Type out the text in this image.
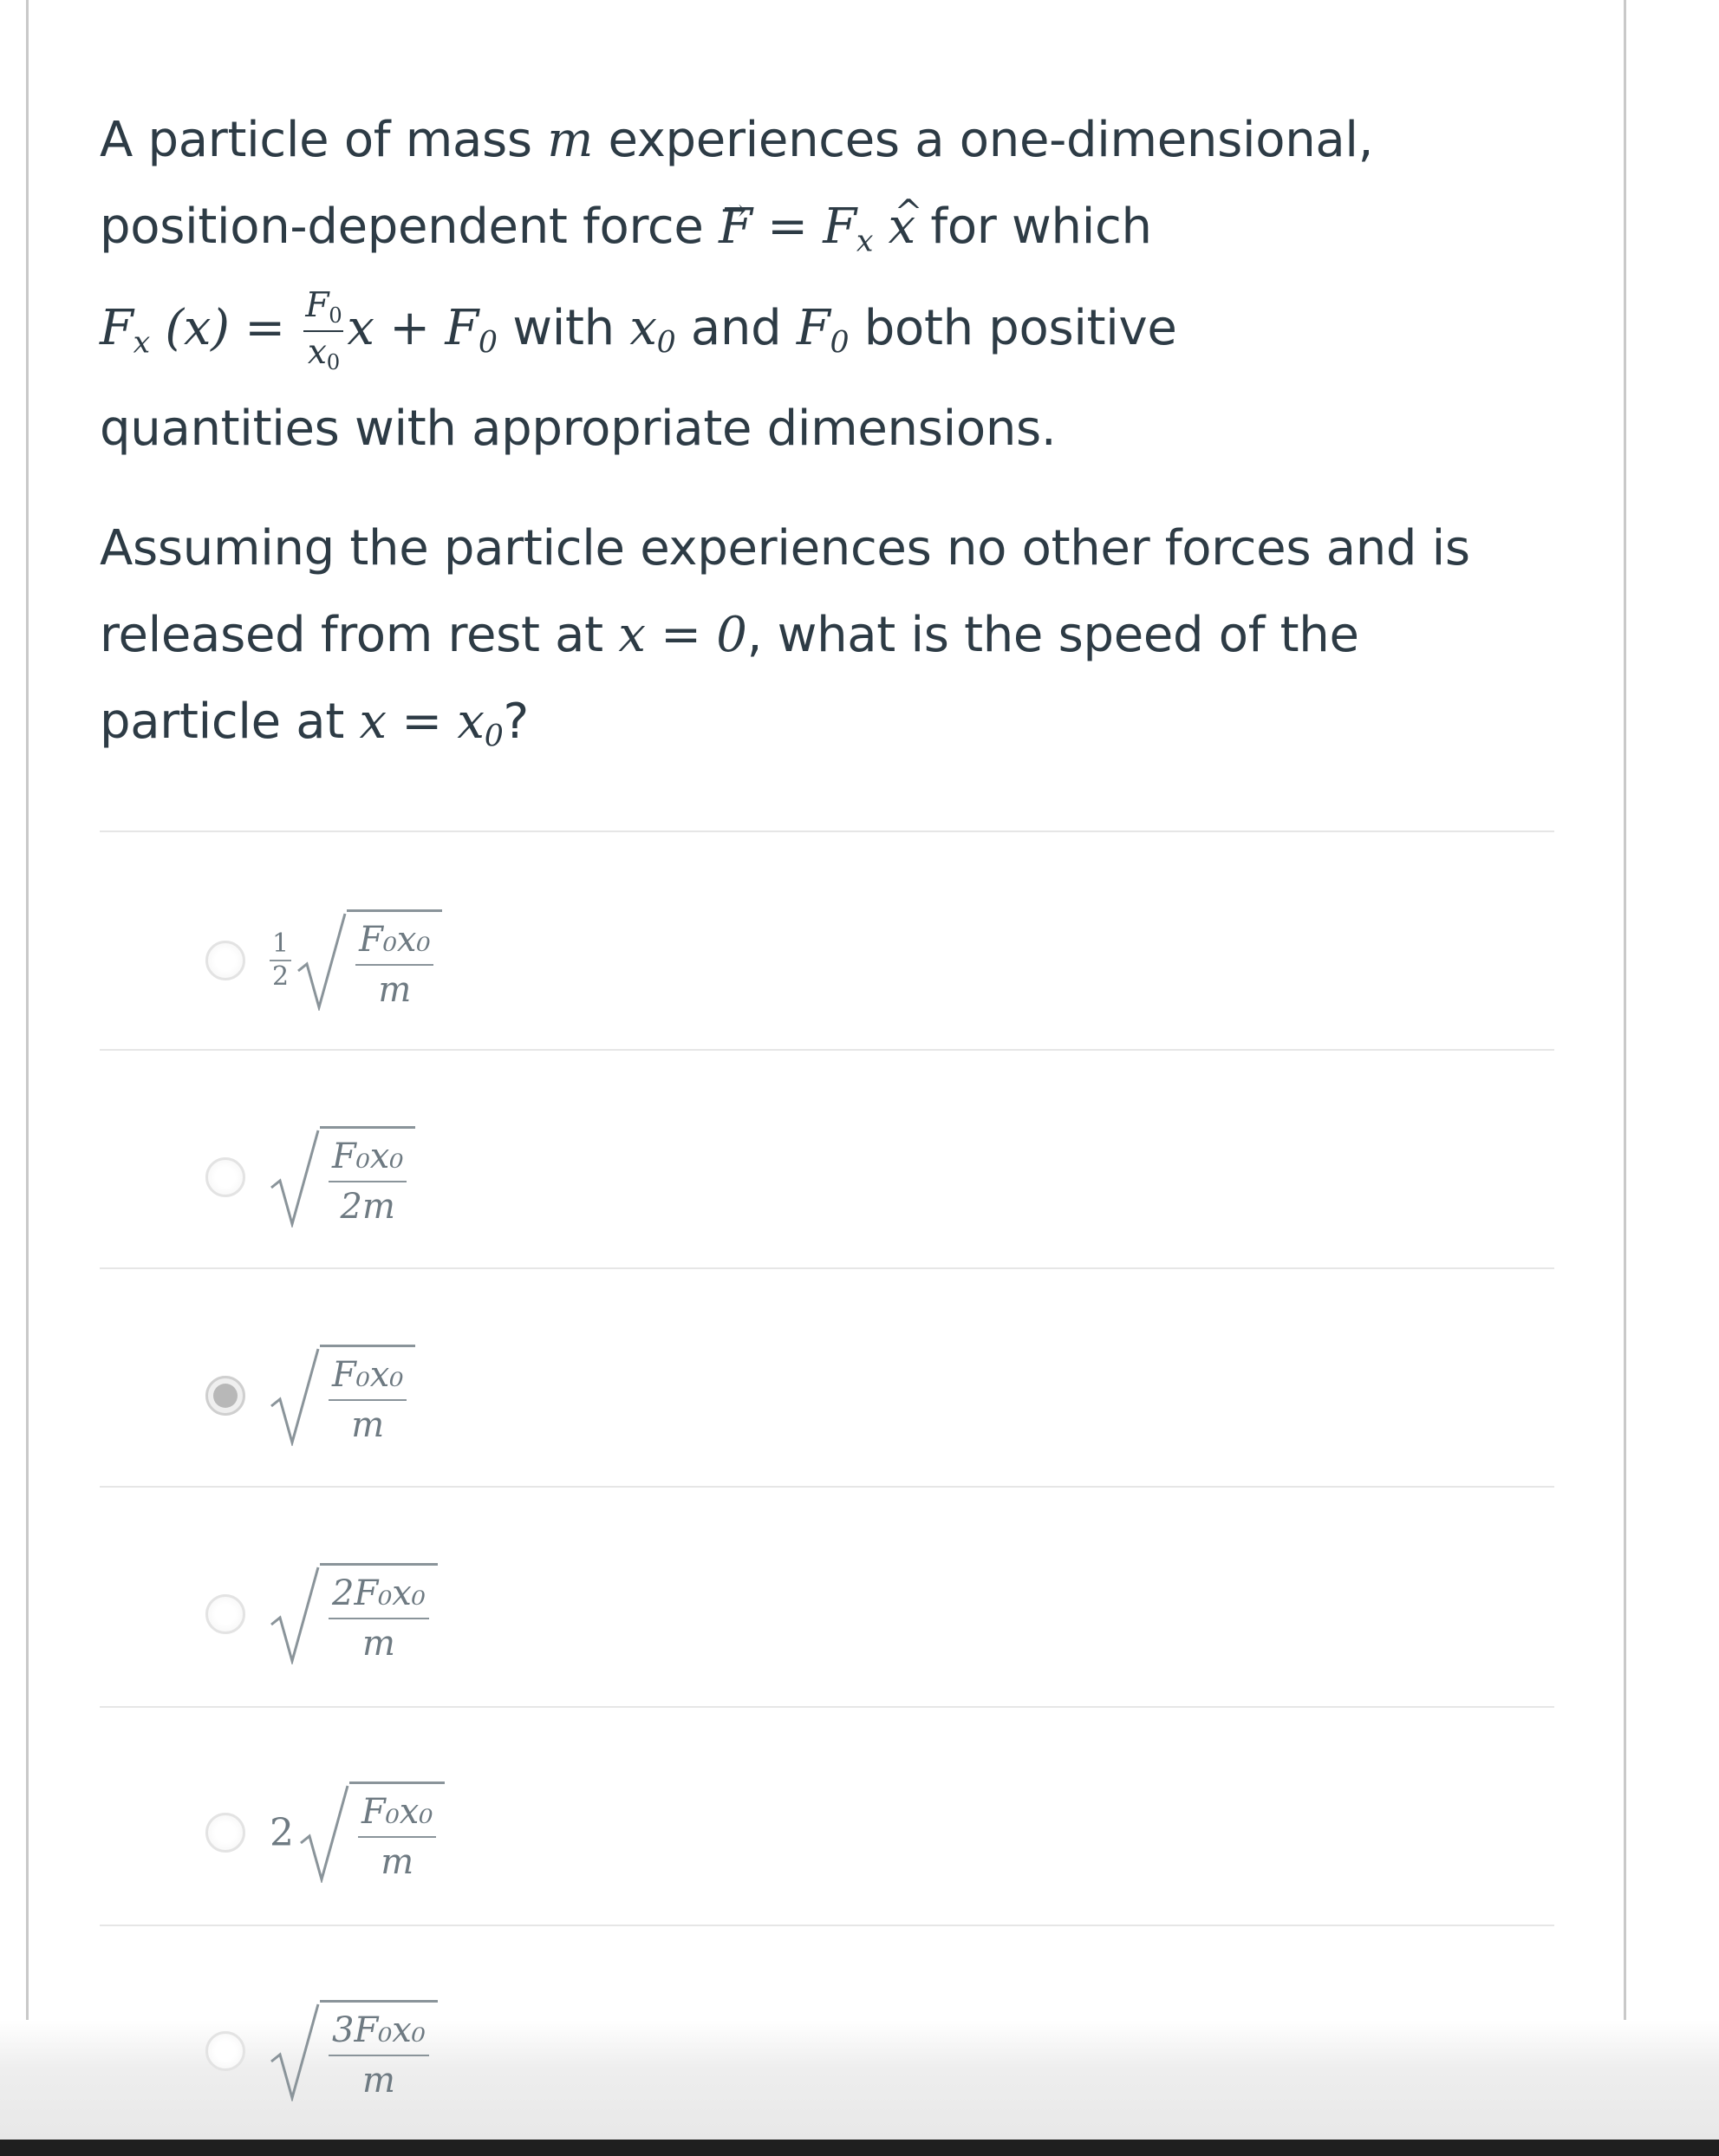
A particle of mass m experiences a one-dimensional,
position-dependent force → $F = F_x$ ^ x for which
$F_x$ $(x) = \frac{F_0}{x_0}$ $x + F_0$ with $x_0$ and $F_0$ both positive
quantities with appropriate dimensions.

Assuming the particle experiences no other forces and is
released from rest at x = 0, what is the speed of the
particle at $x = x_0$?

$\frac{1}{2} \frac{\text{F₀x₀}}{m}$
$\frac{\text{F₀x₀}}{2m}$
$\frac{\text{F₀x₀}}{m}$
$\frac{\text{2F₀x₀}}{m}$
$2 \frac{\text{F₀x₀}}{m}$
$\frac{\text{3F₀x₀}}{m}$
